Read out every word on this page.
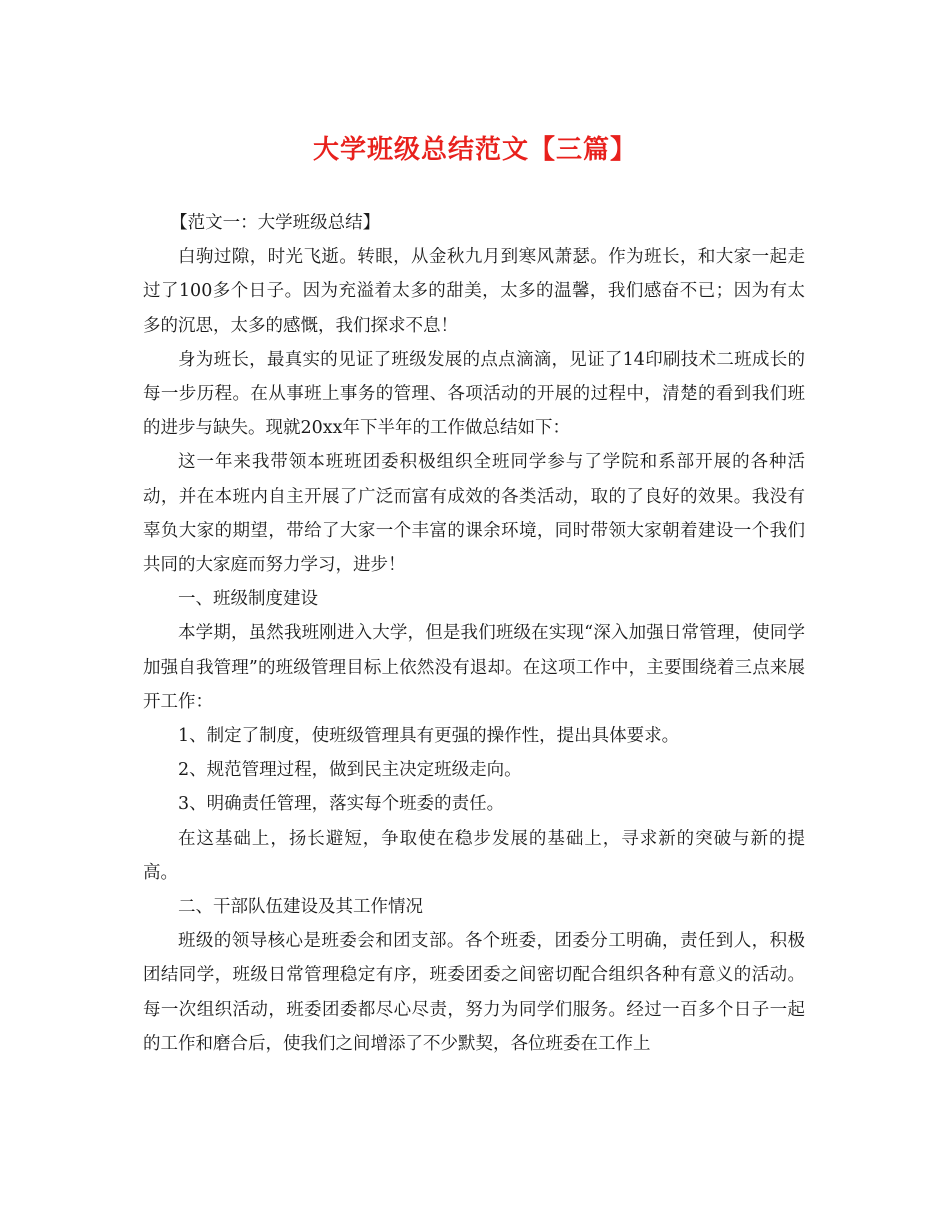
大学班级总结范文【三篇】

【范文一：大学班级总结】

白驹过隙，时光飞逝。转眼，从金秋九月到寒风萧瑟。作为班长，和大家一起走过了100多个日子。因为充溢着太多的甜美，太多的温馨，我们感奋不已；因为有太多的沉思，太多的感慨，我们探求不息！

身为班长，最真实的见证了班级发展的点点滴滴，见证了14印刷技术二班成长的每一步历程。在从事班上事务的管理、各项活动的开展的过程中，清楚的看到我们班的进步与缺失。现就20xx年下半年的工作做总结如下：

这一年来我带领本班班团委积极组织全班同学参与了学院和系部开展的各种活动，并在本班内自主开展了广泛而富有成效的各类活动，取的了良好的效果。我没有辜负大家的期望，带给了大家一个丰富的课余环境，同时带领大家朝着建设一个我们共同的大家庭而努力学习，进步！

一、班级制度建设

本学期，虽然我班刚进入大学，但是我们班级在实现“深入加强日常管理，使同学加强自我管理”的班级管理目标上依然没有退却。在这项工作中，主要围绕着三点来展开工作：

1、制定了制度，使班级管理具有更强的操作性，提出具体要求。

2、规范管理过程，做到民主决定班级走向。

3、明确责任管理，落实每个班委的责任。

在这基础上，扬长避短，争取使在稳步发展的基础上，寻求新的突破与新的提高。

二、干部队伍建设及其工作情况

班级的领导核心是班委会和团支部。各个班委，团委分工明确，责任到人，积极团结同学，班级日常管理稳定有序，班委团委之间密切配合组织各种有意义的活动。每一次组织活动，班委团委都尽心尽责，努力为同学们服务。经过一百多个日子一起的工作和磨合后，使我们之间增添了不少默契，各位班委在工作上
